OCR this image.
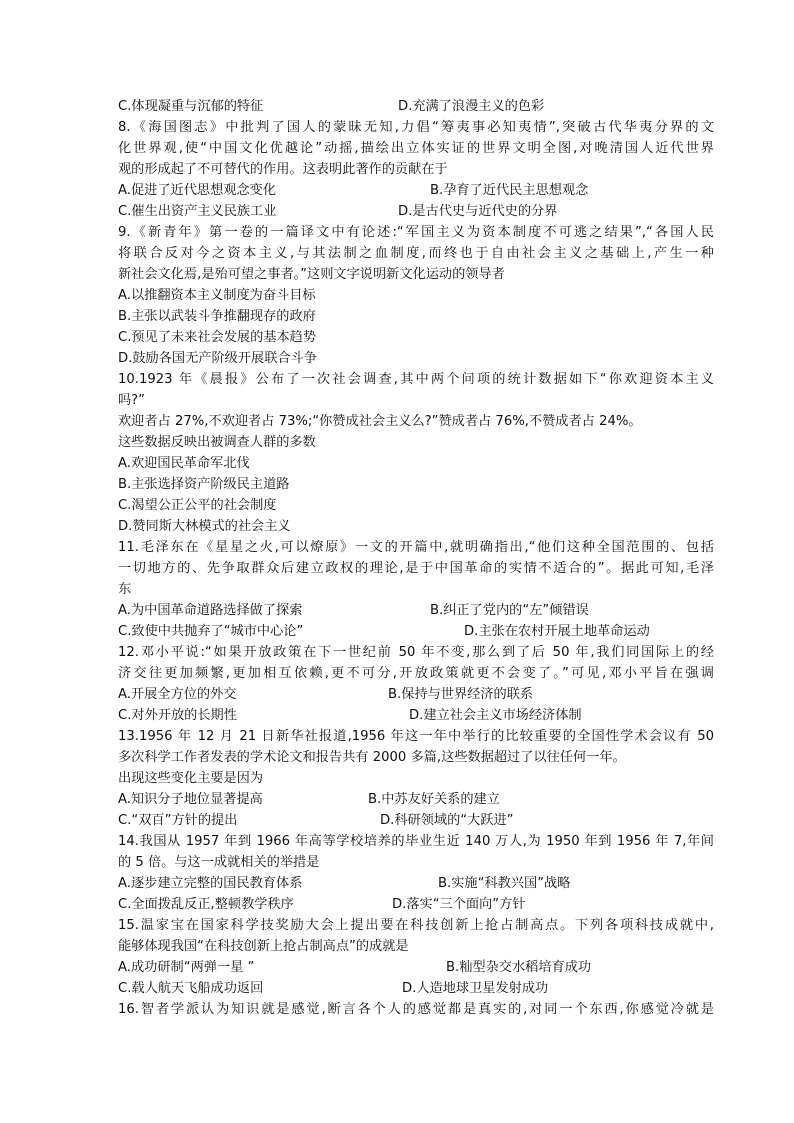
C.体现凝重与沉郁的特征	D.充满了浪漫主义的色彩
8.《海国图志》中批判了国人的蒙昧无知,力倡“筹夷事必知夷情”,突破古代华夷分界的文
化世界观,使“中国文化优越论”动摇,描绘出立体实证的世界文明全图,对晚清国人近代世界
观的形成起了不可替代的作用。这表明此著作的贡献在于
A.促进了近代思想观念变化	B.孕育了近代民主思想观念
C.催生出资产主义民族工业	D.是古代史与近代史的分界
9.《新青年》第一卷的一篇译文中有论述:“军国主义为资本制度不可逃之结果”,“各国人民
将联合反对今之资本主义,与其法制之血制度,而终也于自由社会主义之基础上,产生一种
新社会文化焉,是殆可望之事者。”这则文字说明新文化运动的领导者
A.以推翻资本主义制度为奋斗目标
B.主张以武装斗争推翻现存的政府
C.预见了未来社会发展的基本趋势
D.鼓励各国无产阶级开展联合斗争
10.1923 年《晨报》公布了一次社会调查,其中两个问项的统计数据如下“你欢迎资本主义
吗?”
欢迎者占 27%,不欢迎者占 73%;“你赞成社会主义么?”赞成者占 76%,不赞成者占 24%。
这些数据反映出被调查人群的多数
A.欢迎国民革命军北伐
B.主张选择资产阶级民主道路
C.渴望公正公平的社会制度
D.赞同斯大林模式的社会主义
11.毛泽东在《星星之火,可以燎原》一文的开篇中,就明确指出,“他们这种全国范围的、包括
一切地方的、先争取群众后建立政权的理论,是于中国革命的实情不适合的”。据此可知,毛泽
东
A.为中国革命道路选择做了探索	B.纠正了党内的“左”倾错误
C.致使中共抛弃了“城市中心论”	D.主张在农村开展土地革命运动
12.邓小平说:“如果开放政策在下一世纪前 50 年不变,那么到了后 50 年,我们同国际上的经
济交往更加频繁,更加相互依赖,更不可分,开放政策就更不会变了。”可见,邓小平旨在强调
A.开展全方位的外交	B.保持与世界经济的联系
C.对外开放的长期性	D.建立社会主义市场经济体制
13.1956 年 12 月 21 日新华社报道,1956 年这一年中举行的比较重要的全国性学术会议有 50
多次科学工作者发表的学术论文和报告共有 2000 多篇,这些数据超过了以往任何一年。
出现这些变化主要是因为
A.知识分子地位显著提高	B.中苏友好关系的建立
C.“双百”方针的提出	D.科研领域的“大跃进”
14.我国从 1957 年到 1966 年高等学校培养的毕业生近 140 万人,为 1950 年到 1956 年 7,年间
的 5 倍。与这一成就相关的举措是
A.逐步建立完整的国民教育体系	B.实施“科教兴国”战略
C.全面拨乱反正,整顿教学秩序	D.落实“三个面向”方针
15.温家宝在国家科学技奖励大会上提出要在科技创新上抢占制高点。下列各项科技成就中,
能够体现我国“在科技创新上抢占制高点”的成就是
A.成功研制“两弹一星 ”	B.籼型杂交水稻培育成功
C.载人航天飞船成功返回	D.人造地球卫星发射成功
16.智者学派认为知识就是感觉,断言各个人的感觉都是真实的,对同一个东西,你感觉冷就是
